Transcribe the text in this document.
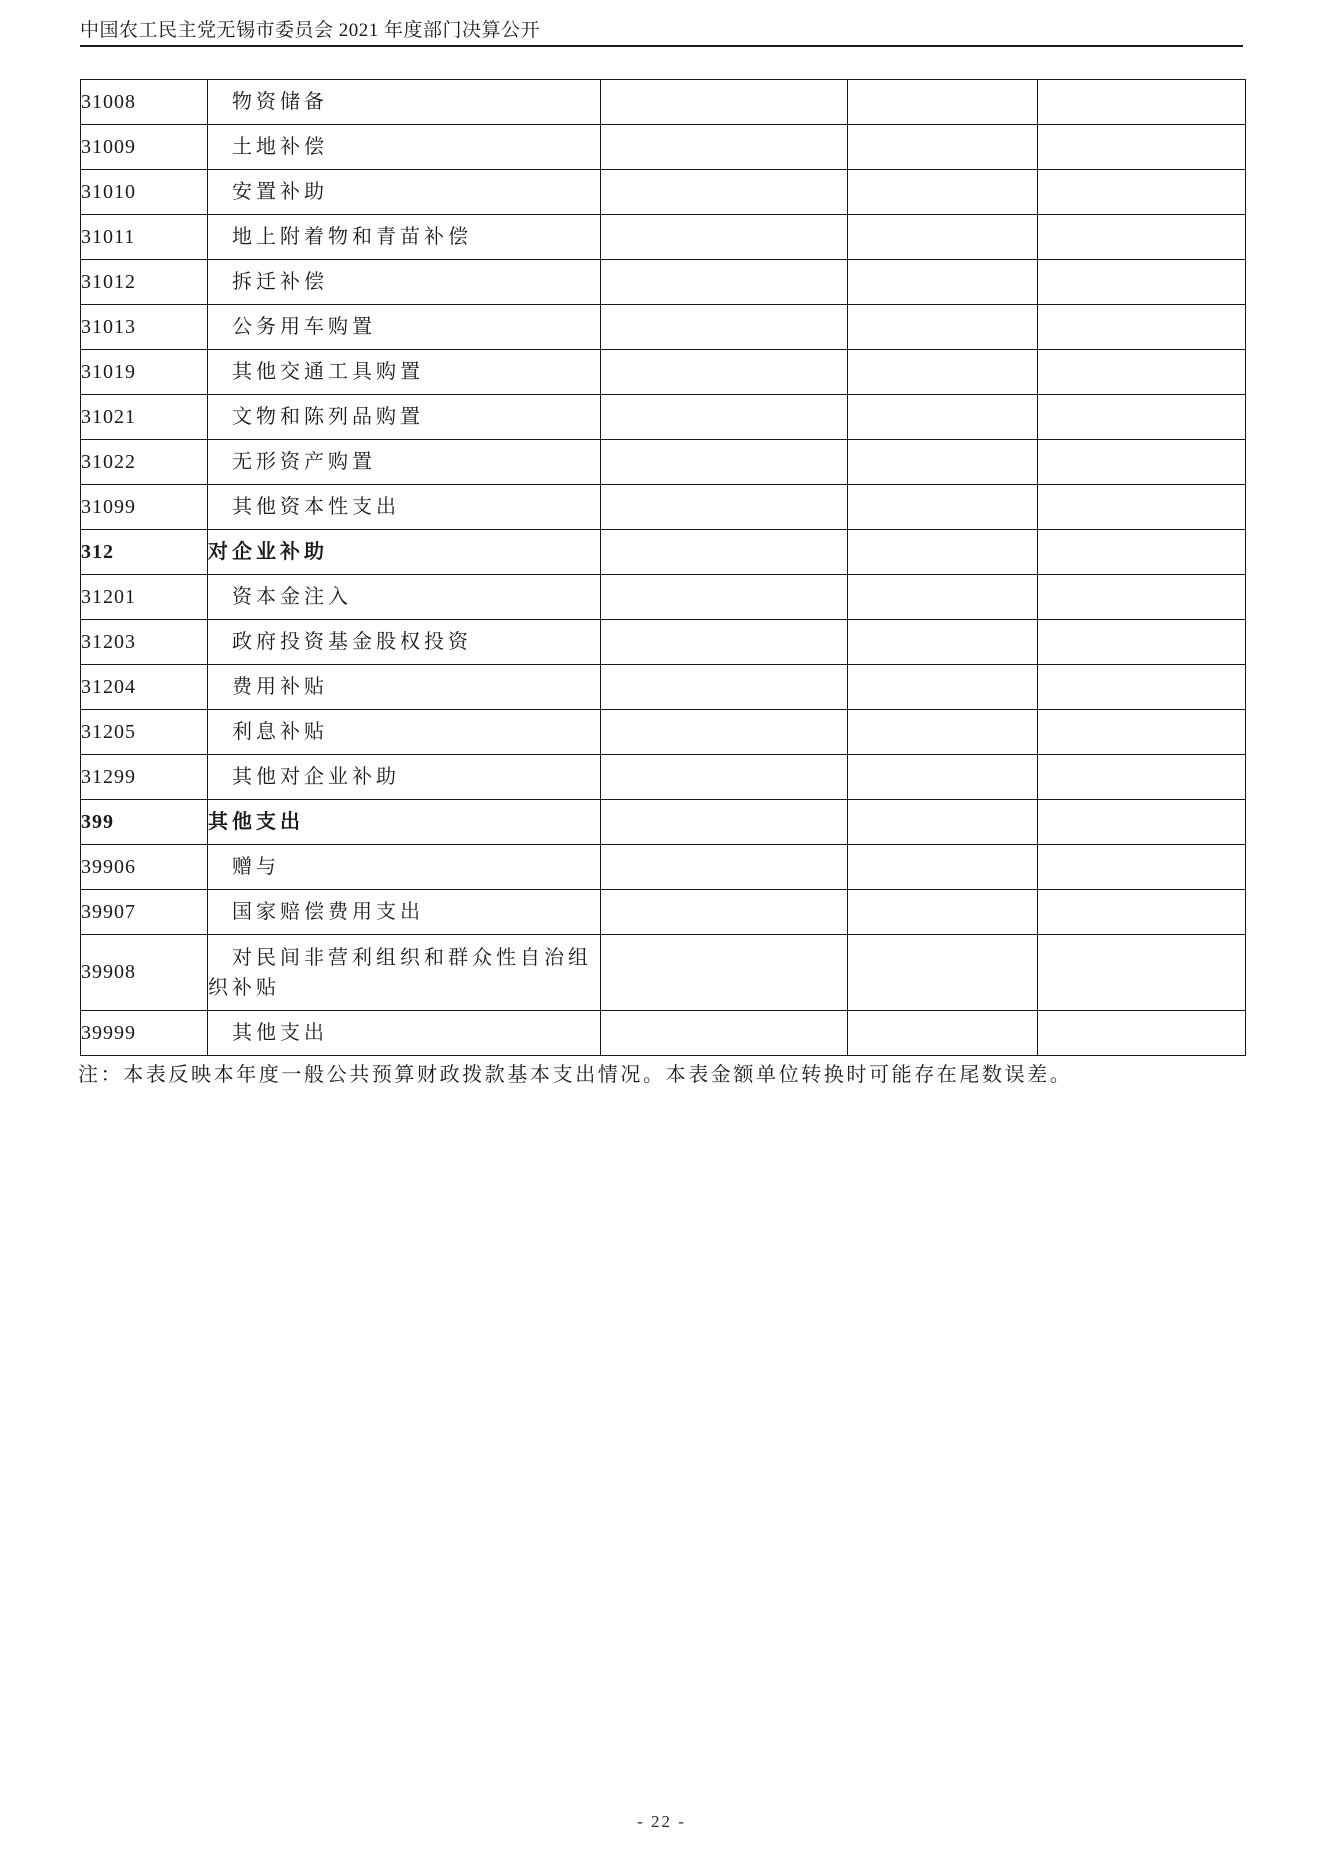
中国农工民主党无锡市委员会 2021 年度部门决算公开
31008	物资储备			
31009	土地补偿			
31010	安置补助			
31011	地上附着物和青苗补偿			
31012	拆迁补偿			
31013	公务用车购置			
31019	其他交通工具购置			
31021	文物和陈列品购置			
31022	无形资产购置			
31099	其他资本性支出			
312	对企业补助			
31201	资本金注入			
31203	政府投资基金股权投资			
31204	费用补贴			
31205	利息补贴			
31299	其他对企业补助			
399	其他支出			
39906	赠与			
39907	国家赔偿费用支出			
39908	对民间非营利组织和群众性自治组织补贴			
39999	其他支出			
注：本表反映本年度一般公共预算财政拨款基本支出情况。本表金额单位转换时可能存在尾数误差。
- 22 -
